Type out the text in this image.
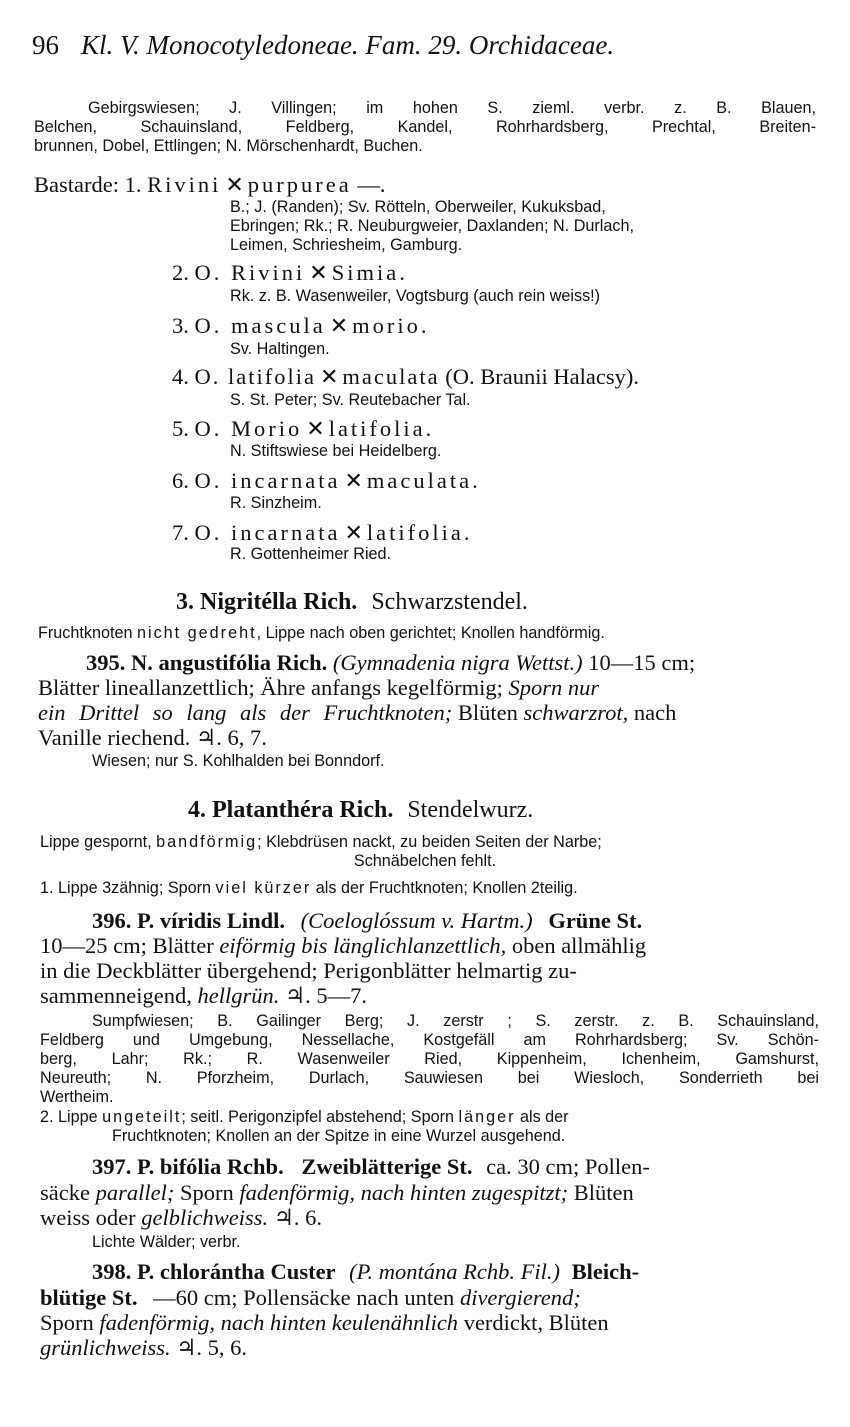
96 Kl. V. Monocotyledoneae. Fam. 29. Orchidaceae.
Gebirgswiesen; J. Villingen; im hohen S. zieml. verbr. z. B. Blauen,
Belchen, Schauinsland, Feldberg, Kandel, Rohrhardsberg, Prechtal, Breiten-
brunnen, Dobel, Ettlingen; N. Mörschenhardt, Buchen.
Bastarde: 1. Rivini ✕ purpurea —.
B.; J. (Randen); Sv. Rötteln, Oberweiler, Kukuksbad,
Ebringen; Rk.; R. Neuburgweier, Daxlanden; N. Durlach,
Leimen, Schriesheim, Gamburg.
2. O. Rivini ✕ Simia.
Rk. z. B. Wasenweiler, Vogtsburg (auch rein weiss!)
3. O. mascula ✕ morio.
Sv. Haltingen.
4. O. latifolia ✕ maculata (O. Braunii Halacsy).
S. St. Peter; Sv. Reutebacher Tal.
5. O. Morio ✕ latifolia.
N. Stiftswiese bei Heidelberg.
6. O. incarnata ✕ maculata.
R. Sinzheim.
7. O. incarnata ✕ latifolia.
R. Gottenheimer Ried.
3. Nigritélla Rich. Schwarzstendel.
Fruchtknoten nicht gedreht, Lippe nach oben gerichtet; Knollen handförmig.
395. N. angustifólia Rich. (Gymnadenia nigra Wettst.) 10—15 cm;
Blätter lineallanzettlich; Ähre anfangs kegelförmig; Sporn nur
ein Drittel so lang als der Fruchtknoten; Blüten schwarzrot, nach
Vanille riechend. ♃. 6, 7.
Wiesen; nur S. Kohlhalden bei Bonndorf.
4. Platanthéra Rich. Stendelwurz.
Lippe gespornt, bandförmig; Klebdrüsen nackt, zu beiden Seiten der Narbe;
Schnäbelchen fehlt.
1. Lippe 3zähnig; Sporn viel kürzer als der Fruchtknoten; Knollen 2teilig.
396. P. víridis Lindl. (Coeloglóssum v. Hartm.) Grüne St.
10—25 cm; Blätter eiförmig bis länglichlanzettlich, oben allmählig
in die Deckblätter übergehend; Perigonblätter helmartig zu-
sammenneigend, hellgrün. ♃. 5—7.
Sumpfwiesen; B. Gailinger Berg; J. zerstr ; S. zerstr. z. B. Schauinsland,
Feldberg und Umgebung, Nessellache, Kostgefäll am Rohrhardsberg; Sv. Schön-
berg, Lahr; Rk.; R. Wasenweiler Ried, Kippenheim, Ichenheim, Gamshurst,
Neureuth; N. Pforzheim, Durlach, Sauwiesen bei Wiesloch, Sonderrieth bei
Wertheim.
2. Lippe ungeteilt; seitl. Perigonzipfel abstehend; Sporn länger als der
Fruchtknoten; Knollen an der Spitze in eine Wurzel ausgehend.
397. P. bifólia Rchb. Zweiblätterige St. ca. 30 cm; Pollen-
säcke parallel; Sporn fadenförmig, nach hinten zugespitzt; Blüten
weiss oder gelblichweiss. ♃. 6.
Lichte Wälder; verbr.
398. P. chlorántha Custer (P. montána Rchb. Fil.) Bleich-
blütige St. —60 cm; Pollensäcke nach unten divergierend;
Sporn fadenförmig, nach hinten keulenähnlich verdickt, Blüten
grünlichweiss. ♃. 5, 6.
